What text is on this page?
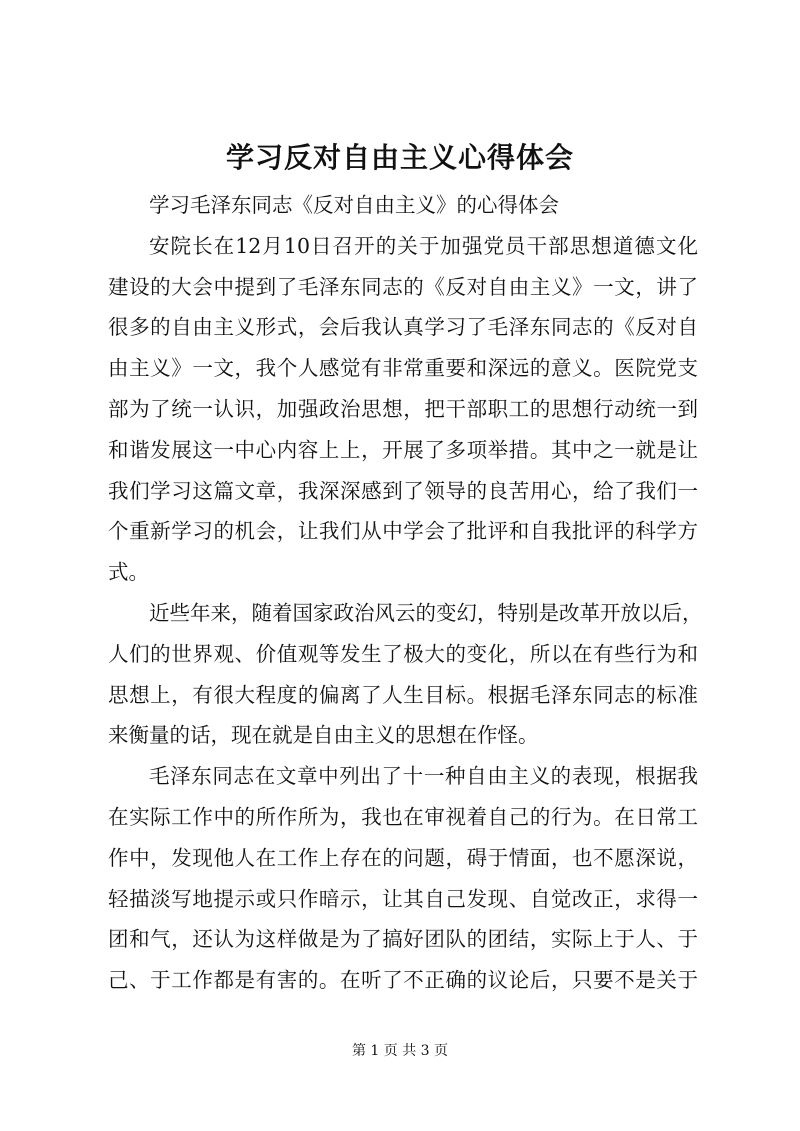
学习反对自由主义心得体会
学习毛泽东同志《反对自由主义》的心得体会
安院长在12月10日召开的关于加强党员干部思想道德文化
建设的大会中提到了毛泽东同志的《反对自由主义》一文，讲了
很多的自由主义形式，会后我认真学习了毛泽东同志的《反对自
由主义》一文，我个人感觉有非常重要和深远的意义。医院党支
部为了统一认识，加强政治思想，把干部职工的思想行动统一到
和谐发展这一中心内容上上，开展了多项举措。其中之一就是让
我们学习这篇文章，我深深感到了领导的良苦用心，给了我们一
个重新学习的机会，让我们从中学会了批评和自我批评的科学方
式。
近些年来，随着国家政治风云的变幻，特别是改革开放以后，
人们的世界观、价值观等发生了极大的变化，所以在有些行为和
思想上，有很大程度的偏离了人生目标。根据毛泽东同志的标准
来衡量的话，现在就是自由主义的思想在作怪。
毛泽东同志在文章中列出了十一种自由主义的表现，根据我
在实际工作中的所作所为，我也在审视着自己的行为。在日常工
作中，发现他人在工作上存在的问题，碍于情面，也不愿深说，
轻描淡写地提示或只作暗示，让其自己发现、自觉改正，求得一
团和气，还认为这样做是为了搞好团队的团结，实际上于人、于
己、于工作都是有害的。在听了不正确的议论后，只要不是关于
第 1 页 共 3 页
